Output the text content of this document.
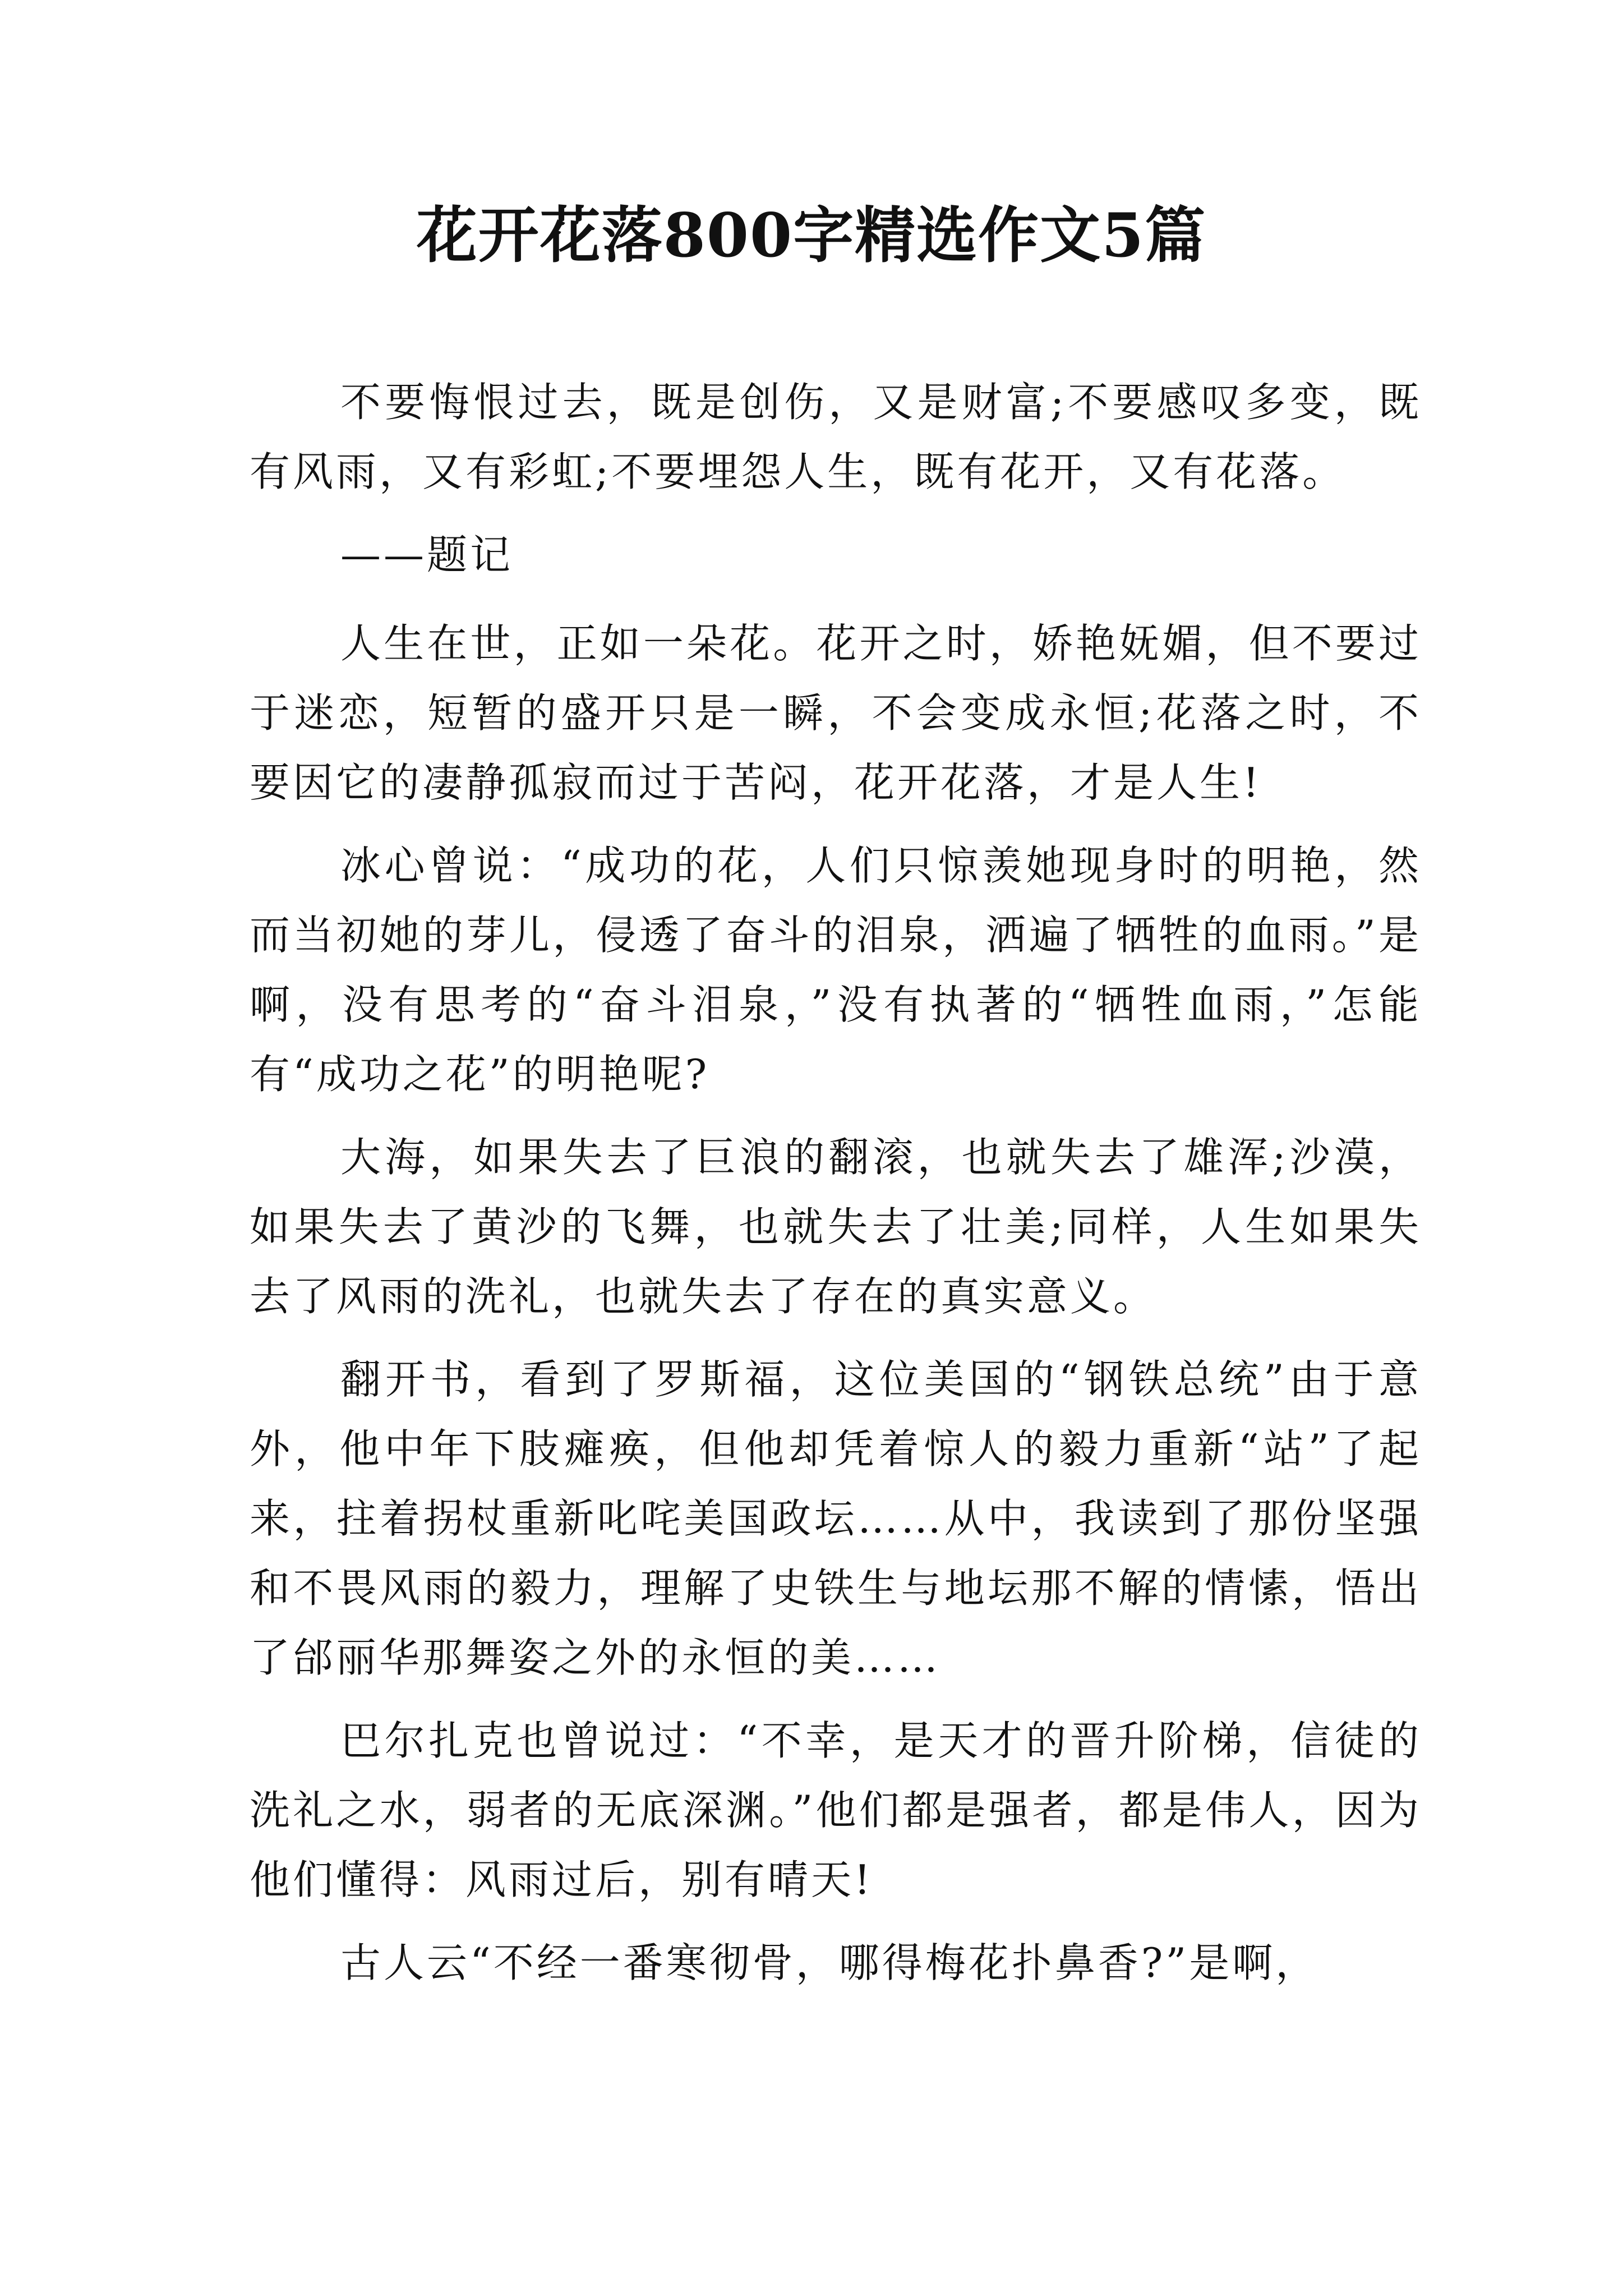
花开花落800字精选作文5篇

不要悔恨过去，既是创伤，又是财富;不要感叹多变，既有风雨，又有彩虹;不要埋怨人生，既有花开，又有花落。

——题记

人生在世，正如一朵花。花开之时，娇艳妩媚，但不要过于迷恋，短暂的盛开只是一瞬，不会变成永恒;花落之时，不要因它的凄静孤寂而过于苦闷，花开花落，才是人生!

冰心曾说：“成功的花，人们只惊羡她现身时的明艳，然而当初她的芽儿，侵透了奋斗的泪泉，洒遍了牺牲的血雨。”是啊，没有思考的“奋斗泪泉，”没有执著的“牺牲血雨，”怎能有“成功之花”的明艳呢?

大海，如果失去了巨浪的翻滚，也就失去了雄浑;沙漠，如果失去了黄沙的飞舞，也就失去了壮美;同样，人生如果失去了风雨的洗礼，也就失去了存在的真实意义。

翻开书，看到了罗斯福，这位美国的“钢铁总统”由于意外，他中年下肢瘫痪，但他却凭着惊人的毅力重新“站”了起来，拄着拐杖重新叱咤美国政坛……从中，我读到了那份坚强和不畏风雨的毅力，理解了史铁生与地坛那不解的情愫，悟出了邰丽华那舞姿之外的永恒的美……

巴尔扎克也曾说过：“不幸，是天才的晋升阶梯，信徒的洗礼之水，弱者的无底深渊。”他们都是强者，都是伟人，因为他们懂得：风雨过后，别有晴天!

古人云“不经一番寒彻骨，哪得梅花扑鼻香?”是啊，
